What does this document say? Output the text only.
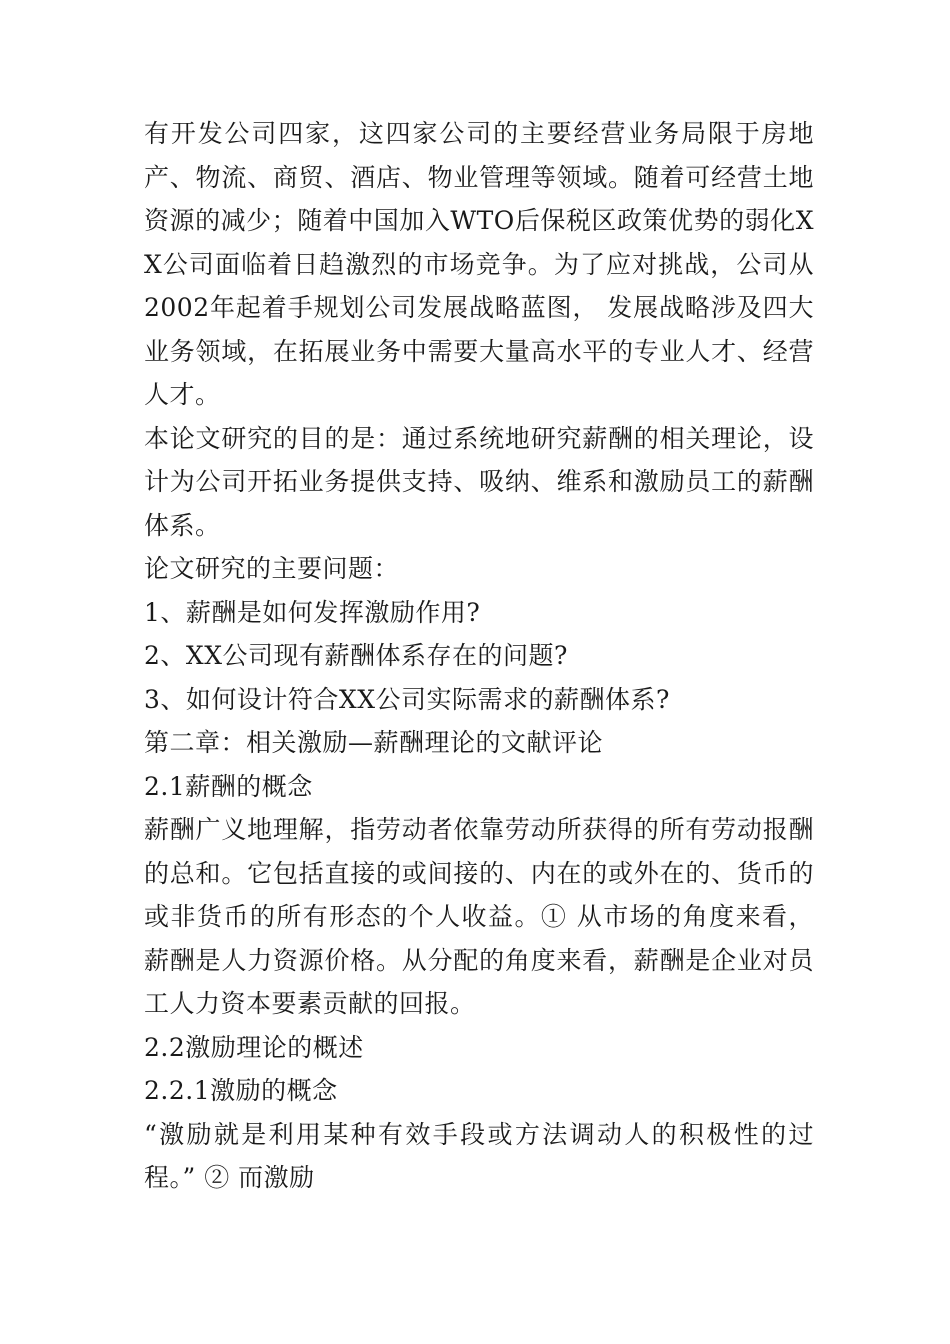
有开发公司四家，这四家公司的主要经营业务局限于房地产、物流、商贸、酒店、物业管理等领域。随着可经营土地资源的减少；随着中国加入WTO后保税区政策优势的弱化XX公司面临着日趋激烈的市场竞争。为了应对挑战，公司从2002年起着手规划公司发展战略蓝图， 发展战略涉及四大业务领域，在拓展业务中需要大量高水平的专业人才、经营人才。

本论文研究的目的是：通过系统地研究薪酬的相关理论，设计为公司开拓业务提供支持、吸纳、维系和激励员工的薪酬体系。

论文研究的主要问题：

1、薪酬是如何发挥激励作用?

2、XX公司现有薪酬体系存在的问题?

3、如何设计符合XX公司实际需求的薪酬体系?

第二章：相关激励—薪酬理论的文献评论

2.1薪酬的概念

薪酬广义地理解，指劳动者依靠劳动所获得的所有劳动报酬的总和。它包括直接的或间接的、内在的或外在的、货币的或非货币的所有形态的个人收益。① 从市场的角度来看，薪酬是人力资源价格。从分配的角度来看，薪酬是企业对员工人力资本要素贡献的回报。

2.2激励理论的概述

2.2.1激励的概念

“激励就是利用某种有效手段或方法调动人的积极性的过程。” ② 而激励
